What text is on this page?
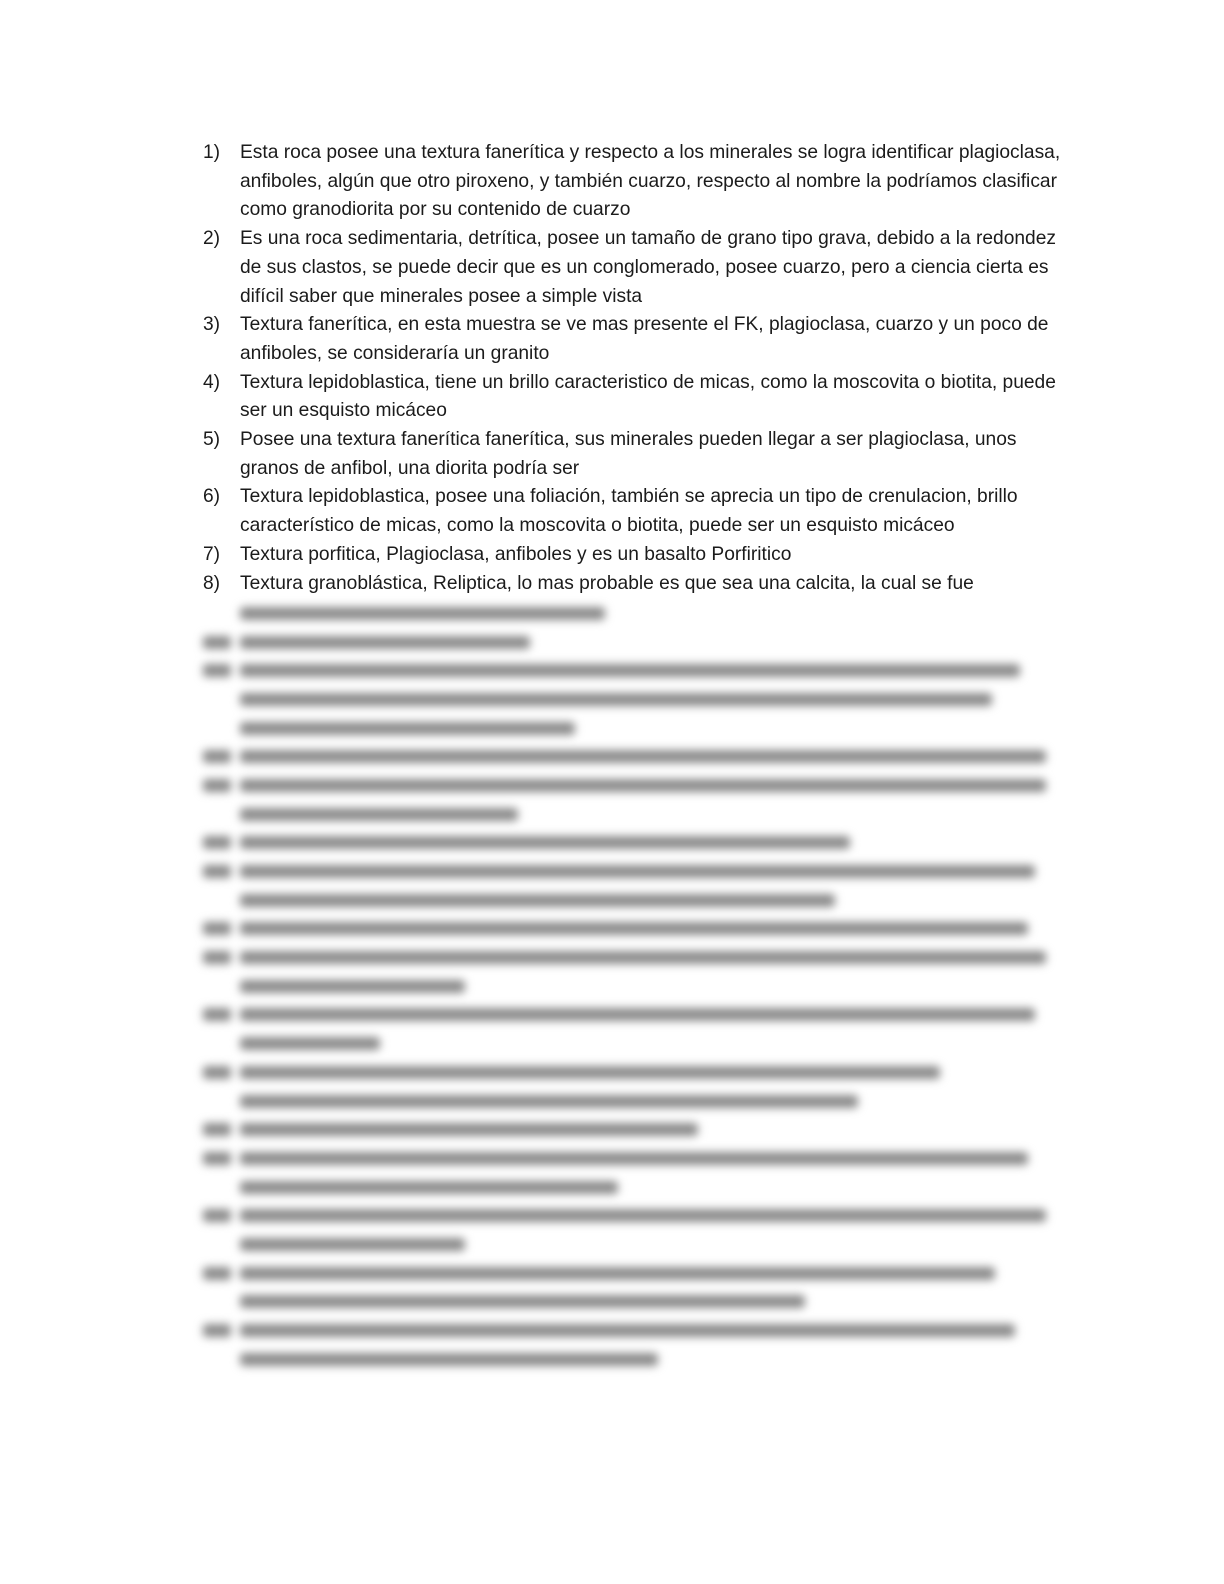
1)	Esta roca posee una textura fanerítica y respecto a los minerales se logra identificar plagioclasa, anfiboles, algún que otro piroxeno, y también cuarzo, respecto al nombre la podríamos clasificar como granodiorita por su contenido de cuarzo
2)	Es una roca sedimentaria, detrítica, posee un tamaño de grano tipo grava, debido a la redondez de sus clastos, se puede decir que es un conglomerado, posee cuarzo, pero a ciencia cierta es difícil saber que minerales posee a simple vista
3)	Textura fanerítica, en esta muestra se ve mas presente el FK, plagioclasa, cuarzo y un poco de anfiboles, se consideraría un granito
4)	Textura lepidoblastica, tiene un brillo caracteristico de micas, como la moscovita o biotita, puede ser un esquisto micáceo
5)	Posee una textura fanerítica fanerítica, sus minerales pueden llegar a ser plagioclasa, unos granos de anfibol, una diorita podría ser
6)	Textura lepidoblastica, posee una foliación, también se aprecia un tipo de crenulacion, brillo característico de micas, como la moscovita o biotita, puede ser un esquisto micáceo
7)	Textura porfitica, Plagioclasa, anfiboles y es un basalto Porfiritico
8)	Textura granoblástica, Reliptica, lo mas probable es que sea una calcita, la cual se fue
